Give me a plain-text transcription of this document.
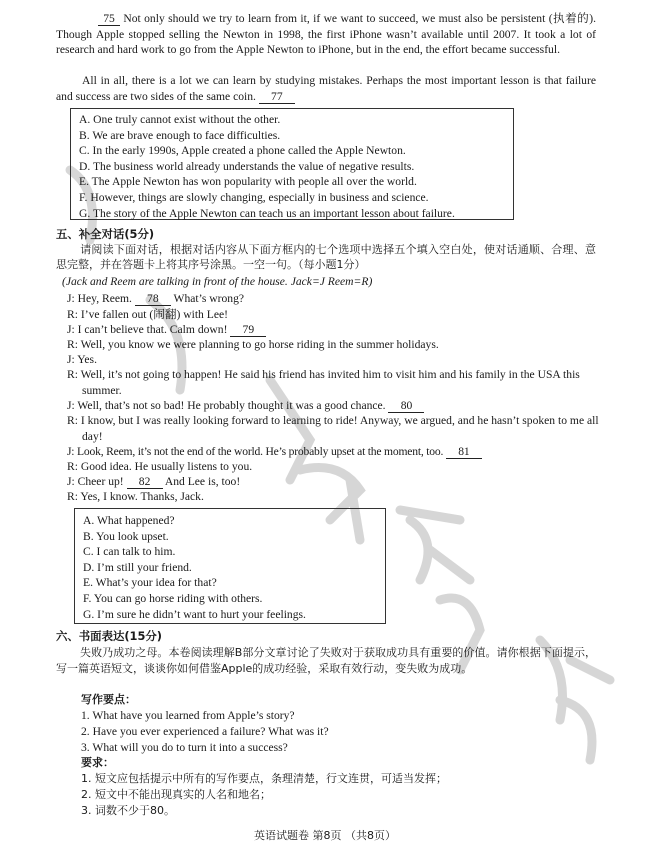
75 Not only should we try to learn from it, if we want to succeed, we must also be persistent (执着的). Though Apple stopped selling the Newton in 1998, the first iPhone wasn’t available until 2007. It took a lot of research and hard work to go from the Apple Newton to iPhone, but in the end, the effort became successful.
All in all, there is a lot we can learn by studying mistakes. Perhaps the most important lesson is that failure and success are two sides of the same coin. 77
A. One truly cannot exist without the other.
B. We are brave enough to face difficulties.
C. In the early 1990s, Apple created a phone called the Apple Newton.
D. The business world already understands the value of negative results.
E. The Apple Newton has won popularity with people all over the world.
F. However, things are slowly changing, especially in business and science.
G. The story of the Apple Newton can teach us an important lesson about failure.
五、补全对话(5分)
请阅读下面对话，根据对话内容从下面方框内的七个选项中选择五个填入空白处，使对话通顺、合理、意思完整，并在答题卡上将其序号涂黑。一空一句。（每小题1分）
(Jack and Reem are talking in front of the house. Jack=J Reem=R)
J: Hey, Reem. 78 What’s wrong?
R: I’ve fallen out (闹翻) with Lee!
J: I can’t believe that. Calm down! 79
R: Well, you know we were planning to go horse riding in the summer holidays.
J: Yes.
R: Well, it’s not going to happen! He said his friend has invited him to visit him and his family in the USA this summer.
J: Well, that’s not so bad! He probably thought it was a good chance. 80
R: I know, but I was really looking forward to learning to ride! Anyway, we argued, and he hasn’t spoken to me all day!
J: Look, Reem, it’s not the end of the world. He’s probably upset at the moment, too. 81
R: Good idea. He usually listens to you.
J: Cheer up! 82 And Lee is, too!
R: Yes, I know. Thanks, Jack.
A. What happened?
B. You look upset.
C. I can talk to him.
D. I’m still your friend.
E. What’s your idea for that?
F. You can go horse riding with others.
G. I’m sure he didn’t want to hurt your feelings.
六、书面表达(15分)
失败乃成功之母。本卷阅读理解B部分文章讨论了失败对于获取成功具有重要的价值。请你根据下面提示，写一篇英语短文，谈谈你如何借鉴Apple的成功经验，采取有效行动，变失败为成功。
写作要点：
1. What have you learned from Apple’s story?
2. Have you ever experienced a failure? What was it?
3. What will you do to turn it into a success?
要求：
1. 短文应包括提示中所有的写作要点，条理清楚，行文连贯，可适当发挥；
2. 短文中不能出现真实的人名和地名；
3. 词数不少于80。
英语试题卷 第8页 （共8页）
